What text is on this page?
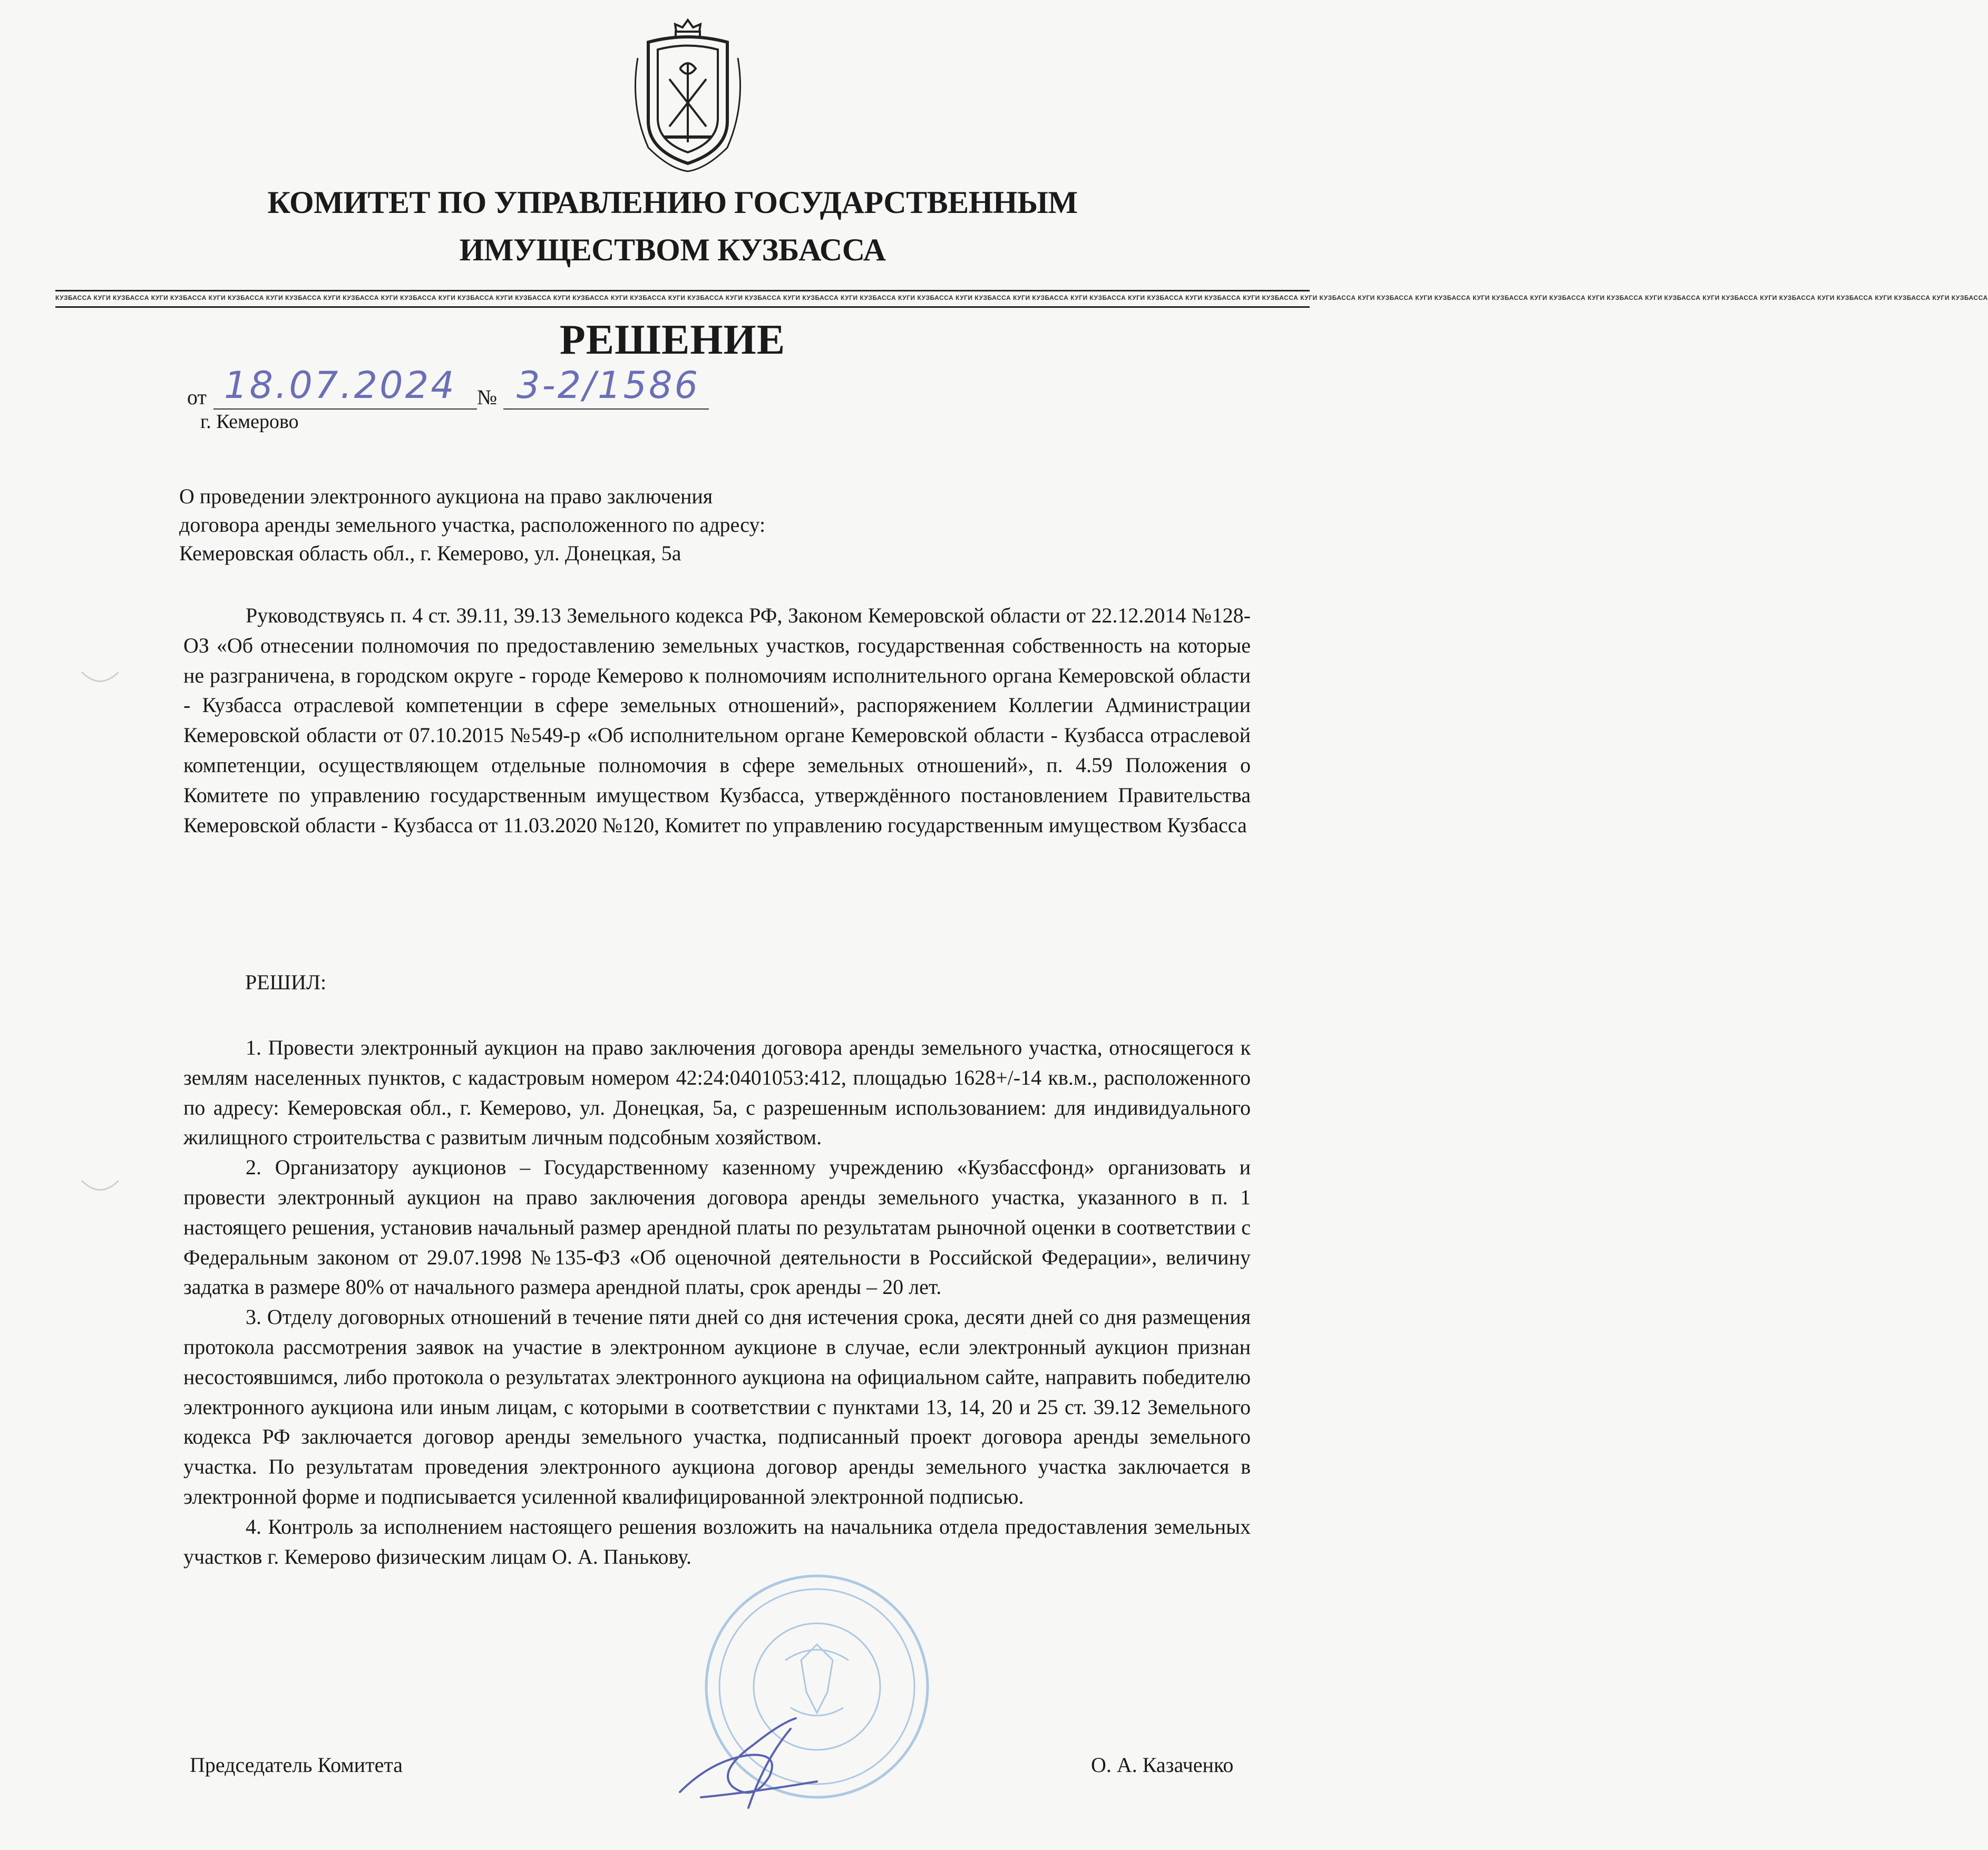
КОМИТЕТ ПО УПРАВЛЕНИЮ ГОСУДАРСТВЕННЫМ
ИМУЩЕСТВОМ КУЗБАССА
КУЗБАССА КУГИ КУЗБАССА КУГИ КУЗБАССА КУГИ КУЗБАССА КУГИ КУЗБАССА КУГИ КУЗБАССА КУГИ КУЗБАССА КУГИ КУЗБАССА КУГИ КУЗБАССА КУГИ КУЗБАССА КУГИ КУЗБАССА КУГИ КУЗБАССА КУГИ КУЗБАССА КУГИ КУЗБАССА КУГИ КУЗБАССА КУГИ КУЗБАССА КУГИ КУЗБАССА КУГИ КУЗБАССА КУГИ КУЗБАССА КУГИ КУЗБАССА КУГИ КУЗБАССА КУГИ КУЗБАССА КУГИ КУЗБАССА КУГИ КУЗБАССА КУГИ КУЗБАССА КУГИ КУЗБАССА КУГИ КУЗБАССА КУГИ КУЗБАССА КУГИ КУЗБАССА КУГИ КУЗБАССА КУГИ КУЗБАССА КУГИ КУЗБАССА КУГИ КУЗБАССА КУГИ КУЗБАССА
РЕШЕНИЕ
от 18.07.2024 № 3-2/1586
г. Кемерово
О проведении электронного аукциона на право заключения
договора аренды земельного участка, расположенного по адресу:
Кемеровская область обл., г. Кемерово, ул. Донецкая, 5а

Руководствуясь п. 4 ст. 39.11, 39.13 Земельного кодекса РФ, Законом Кемеровской области от 22.12.2014 №128-ОЗ «Об отнесении полномочия по предоставлению земельных участков, государственная собственность на которые не разграничена, в городском округе - городе Кемерово к полномочиям исполнительного органа Кемеровской области - Кузбасса отраслевой компетенции в сфере земельных отношений», распоряжением Коллегии Администрации Кемеровской области от 07.10.2015 №549-р «Об исполнительном органе Кемеровской области - Кузбасса отраслевой компетенции, осуществляющем отдельные полномочия в сфере земельных отношений», п. 4.59 Положения о Комитете по управлению государственным имуществом Кузбасса, утверждённого постановлением Правительства Кемеровской области - Кузбасса от 11.03.2020 №120, Комитет по управлению государственным имуществом Кузбасса

РЕШИЛ:

1. Провести электронный аукцион на право заключения договора аренды земельного участка, относящегося к землям населенных пунктов, с кадастровым номером 42:24:0401053:412, площадью 1628+/-14 кв.м., расположенного по адресу: Кемеровская обл., г. Кемерово, ул. Донецкая, 5а, с разрешенным использованием: для индивидуального жилищного строительства с развитым личным подсобным хозяйством.

2. Организатору аукционов – Государственному казенному учреждению «Кузбассфонд» организовать и провести электронный аукцион на право заключения договора аренды земельного участка, указанного в п. 1 настоящего решения, установив начальный размер арендной платы по результатам рыночной оценки в соответствии с Федеральным законом от 29.07.1998 №135-ФЗ «Об оценочной деятельности в Российской Федерации», величину задатка в размере 80% от начального размера арендной платы, срок аренды – 20 лет.

3. Отделу договорных отношений в течение пяти дней со дня истечения срока, десяти дней со дня размещения протокола рассмотрения заявок на участие в электронном аукционе в случае, если электронный аукцион признан несостоявшимся, либо протокола о результатах электронного аукциона на официальном сайте, направить победителю электронного аукциона или иным лицам, с которыми в соответствии с пунктами 13, 14, 20 и 25 ст. 39.12 Земельного кодекса РФ заключается договор аренды земельного участка, подписанный проект договора аренды земельного участка. По результатам проведения электронного аукциона договор аренды земельного участка заключается в электронной форме и подписывается усиленной квалифицированной электронной подписью.

4. Контроль за исполнением настоящего решения возложить на начальника отдела предоставления земельных участков г. Кемерово физическим лицам О. А. Панькову.

Председатель Комитета	О. А. Казаченко
